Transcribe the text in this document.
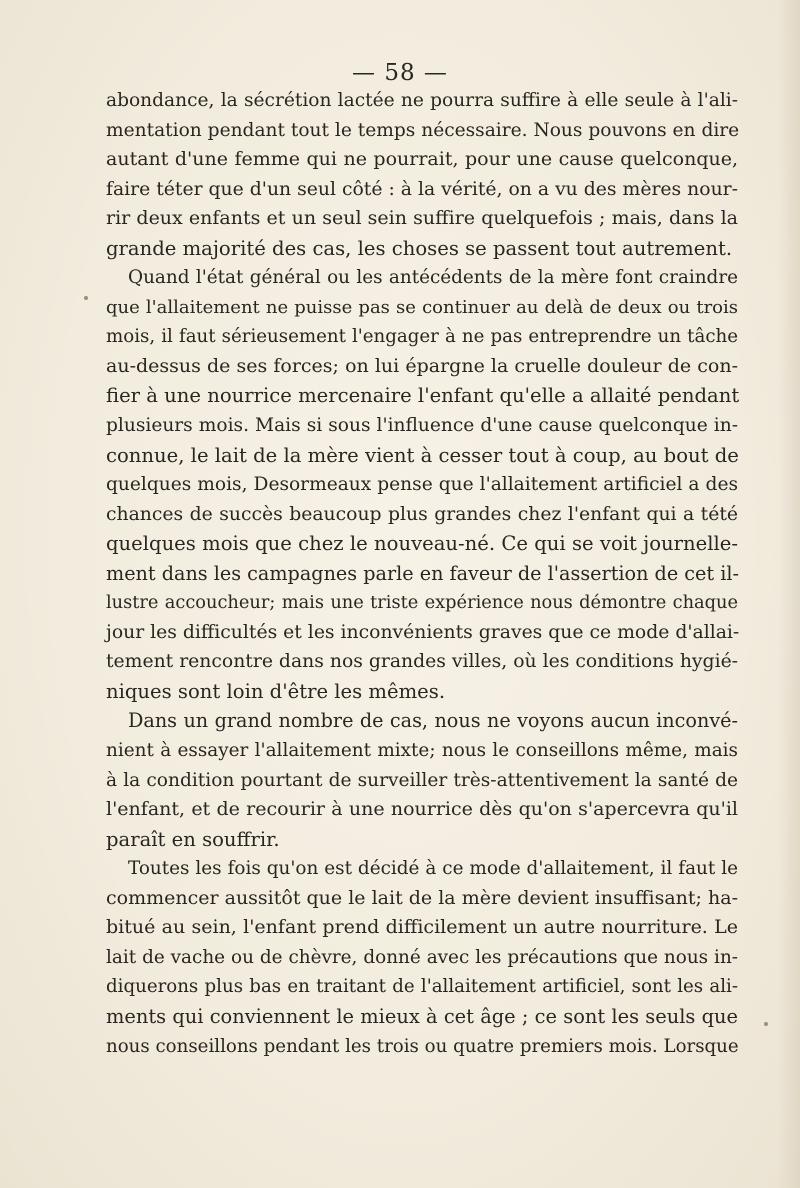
— 58 —
abondance, la sécrétion lactée ne pourra suffire à elle seule à l'ali-
mentation pendant tout le temps nécessaire. Nous pouvons en dire
autant d'une femme qui ne pourrait, pour une cause quelconque,
faire téter que d'un seul côté : à la vérité, on a vu des mères nour-
rir deux enfants et un seul sein suffire quelquefois ; mais, dans la
grande majorité des cas, les choses se passent tout autrement.
Quand l'état général ou les antécédents de la mère font craindre
que l'allaitement ne puisse pas se continuer au delà de deux ou trois
mois, il faut sérieusement l'engager à ne pas entreprendre un tâche
au-dessus de ses forces; on lui épargne la cruelle douleur de con-
fier à une nourrice mercenaire l'enfant qu'elle a allaité pendant
plusieurs mois. Mais si sous l'influence d'une cause quelconque in-
connue, le lait de la mère vient à cesser tout à coup, au bout de
quelques mois, Desormeaux pense que l'allaitement artificiel a des
chances de succès beaucoup plus grandes chez l'enfant qui a tété
quelques mois que chez le nouveau-né. Ce qui se voit journelle-
ment dans les campagnes parle en faveur de l'assertion de cet il-
lustre accoucheur; mais une triste expérience nous démontre chaque
jour les difficultés et les inconvénients graves que ce mode d'allai-
tement rencontre dans nos grandes villes, où les conditions hygié-
niques sont loin d'être les mêmes.
Dans un grand nombre de cas, nous ne voyons aucun inconvé-
nient à essayer l'allaitement mixte; nous le conseillons même, mais
à la condition pourtant de surveiller très-attentivement la santé de
l'enfant, et de recourir à une nourrice dès qu'on s'apercevra qu'il
paraît en souffrir.
Toutes les fois qu'on est décidé à ce mode d'allaitement, il faut le
commencer aussitôt que le lait de la mère devient insuffisant; ha-
bitué au sein, l'enfant prend difficilement un autre nourriture. Le
lait de vache ou de chèvre, donné avec les précautions que nous in-
diquerons plus bas en traitant de l'allaitement artificiel, sont les ali-
ments qui conviennent le mieux à cet âge ; ce sont les seuls que
nous conseillons pendant les trois ou quatre premiers mois. Lorsque
